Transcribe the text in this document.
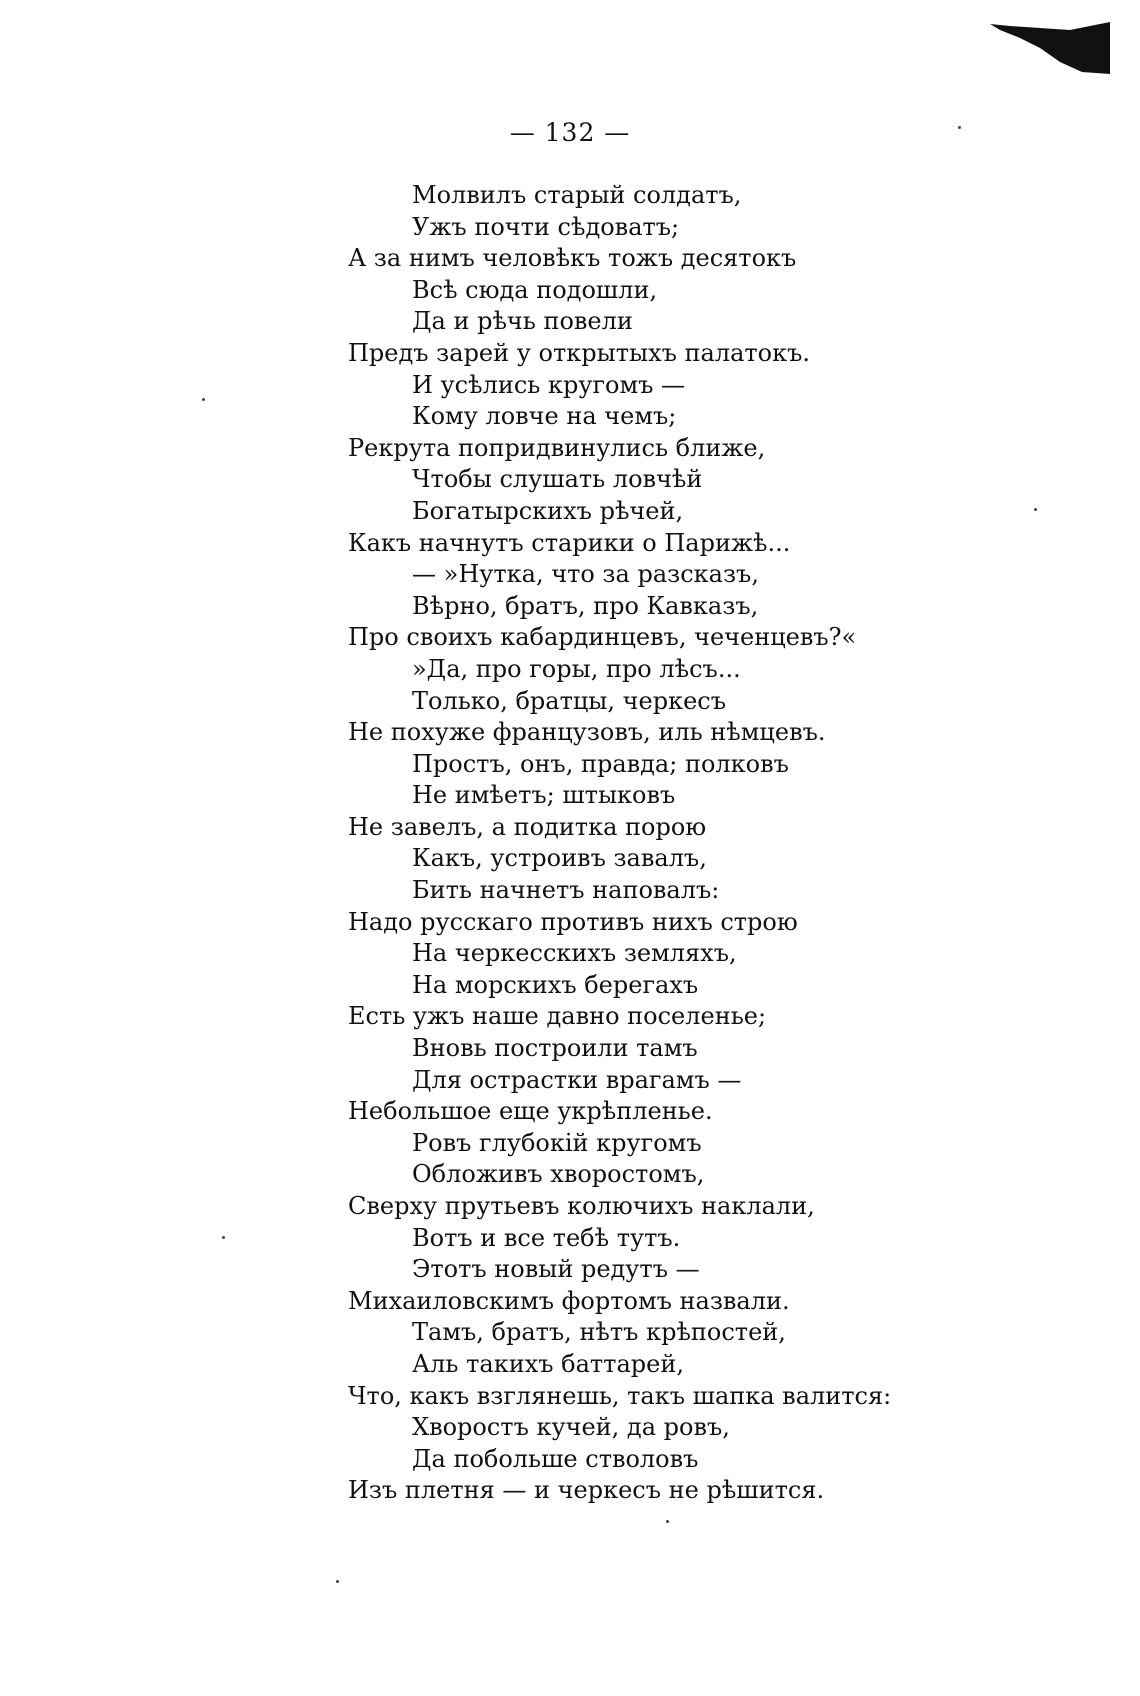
— 132 —
Молвилъ старый солдатъ,
Ужъ почти сѣдоватъ;
А за нимъ человѣкъ тожъ десятокъ
Всѣ сюда подошли,
Да и рѣчь повели
Предъ зарей у открытыхъ палатокъ.
И усѣлись кругомъ —
Кому ловче на чемъ;
Рекрута попридвинулись ближе,
Чтобы слушать ловчѣй
Богатырскихъ рѣчей,
Какъ начнутъ старики о Парижѣ...
— »Нутка, что за разсказъ,
Вѣрно, братъ, про Кавказъ,
Про своихъ кабардинцевъ, чеченцевъ?«
»Да, про горы, про лѣсъ...
Только, братцы, черкесъ
Не похуже французовъ, иль нѣмцевъ.
Простъ, онъ, правда; полковъ
Не имѣетъ; штыковъ
Не завелъ, а подитка порою
Какъ, устроивъ завалъ,
Бить начнетъ наповалъ:
Надо русскаго противъ нихъ строю
На черкесскихъ земляхъ,
На морскихъ берегахъ
Есть ужъ наше давно поселенье;
Вновь построили тамъ
Для острастки врагамъ —
Небольшое еще укрѣпленье.
Ровъ глубокій кругомъ
Обложивъ хворостомъ,
Сверху прутьевъ колючихъ наклали,
Вотъ и все тебѣ тутъ.
Этотъ новый редутъ —
Михаиловскимъ фортомъ назвали.
Тамъ, братъ, нѣтъ крѣпостей,
Аль такихъ баттарей,
Что, какъ взглянешь, такъ шапка валится:
Хворостъ кучей, да ровъ,
Да побольше стволовъ
Изъ плетня — и черкесъ не рѣшится.
